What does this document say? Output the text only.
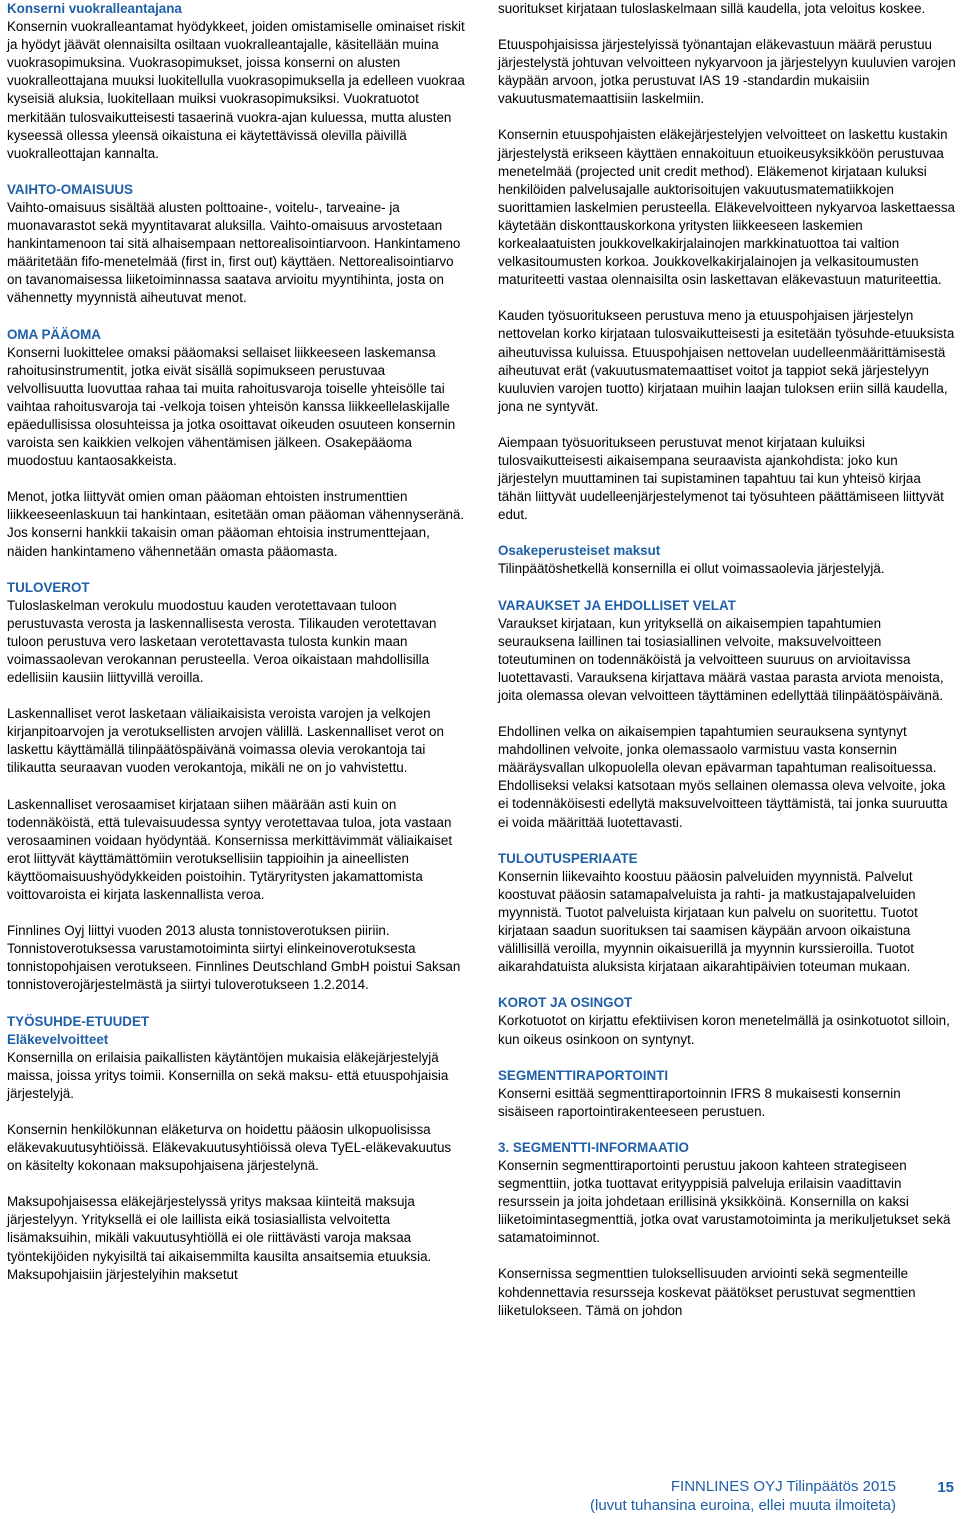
Konserni vuokralleantajana

Konsernin vuokralleantamat hyödykkeet, joiden omistamiselle ominaiset riskit ja hyödyt jäävät olennaisilta osiltaan vuokralleantajalle, käsitellään muina vuokrasopimuksina. Vuokrasopimukset, joissa konserni on alusten vuokralleottajana muuksi luokitellulla vuokrasopimuksella ja edelleen vuokraa kyseisiä aluksia, luokitellaan muiksi vuokrasopimuksiksi. Vuokratuotot merkitään tulosvaikutteisesti tasaerinä vuokra-ajan kuluessa, mutta alusten kyseessä ollessa yleensä oikaistuna ei käytettävissä olevilla päivillä vuokralleottajan kannalta.

VAIHTO-OMAISUUS

Vaihto-omaisuus sisältää alusten polttoaine-, voitelu-, tarveaine- ja muonavarastot sekä myyntitavarat aluksilla. Vaihto-omaisuus arvostetaan hankintamenoon tai sitä alhaisempaan nettorealisointiarvoon. Hankintameno määritetään fifo-menetelmää (first in, first out) käyttäen. Nettorealisointiarvo on tavanomaisessa liiketoiminnassa saatava arvioitu myyntihinta, josta on vähennetty myynnistä aiheutuvat menot.

OMA PÄÄOMA

Konserni luokittelee omaksi pääomaksi sellaiset liikkeeseen laskemansa rahoitusinstrumentit, jotka eivät sisällä sopimukseen perustuvaa velvollisuutta luovuttaa rahaa tai muita rahoitusvaroja toiselle yhteisölle tai vaihtaa rahoitusvaroja tai -velkoja toisen yhteisön kanssa liikkeellelaskijalle epäedullisissa olosuhteissa ja jotka osoittavat oikeuden osuuteen konsernin varoista sen kaikkien velkojen vähentämisen jälkeen. Osakepääoma muodostuu kantaosakkeista.

Menot, jotka liittyvät omien oman pääoman ehtoisten instrumenttien liikkeeseenlaskuun tai hankintaan, esitetään oman pääoman vähennyseränä. Jos konserni hankkii takaisin oman pääoman ehtoisia instrumenttejaan, näiden hankintameno vähennetään omasta pääomasta.

TULOVEROT

Tuloslaskelman verokulu muodostuu kauden verotettavaan tuloon perustuvasta verosta ja laskennallisesta verosta. Tilikauden verotettavan tuloon perustuva vero lasketaan verotettavasta tulosta kunkin maan voimassaolevan verokannan perusteella. Veroa oikaistaan mahdollisilla edellisiin kausiin liittyvillä veroilla.

Laskennalliset verot lasketaan väliaikaisista veroista varojen ja velkojen kirjanpitoarvojen ja verotuksellisten arvojen välillä. Laskennalliset verot on laskettu käyttämällä tilinpäätöspäivänä voimassa olevia verokantoja tai tilikautta seuraavan vuoden verokantoja, mikäli ne on jo vahvistettu.

Laskennalliset verosaamiset kirjataan siihen määrään asti kuin on todennäköistä, että tulevaisuudessa syntyy verotettavaa tuloa, jota vastaan verosaaminen voidaan hyödyntää. Konsernissa merkittävimmät väliaikaiset erot liittyvät käyttämättömiin verotuksellisiin tappioihin ja aineellisten käyttöomaisuushyödykkeiden poistoihin. Tytäryritysten jakamattomista voittovaroista ei kirjata laskennallista veroa.

Finnlines Oyj liittyi vuoden 2013 alusta tonnistoverotuksen piiriin. Tonnistoverotuksessa varustamotoiminta siirtyi elinkeinoverotuksesta tonnistopohjaisen verotukseen. Finnlines Deutschland GmbH poistui Saksan tonnistoverojärjestelmästä ja siirtyi tuloverotukseen 1.2.2014.

TYÖSUHDE-ETUUDET
Eläkevelvoitteet

Konsernilla on erilaisia paikallisten käytäntöjen mukaisia eläkejärjestelyjä maissa, joissa yritys toimii. Konsernilla on sekä maksu- että etuuspohjaisia järjestelyjä.

Konsernin henkilökunnan eläketurva on hoidettu pääosin ulkopuolisissa eläkevakuutusyhtiöissä. Eläkevakuutusyhtiöissä oleva TyEL-eläkevakuutus on käsitelty kokonaan maksupohjaisena järjestelynä.

Maksupohjaisessa eläkejärjestelyssä yritys maksaa kiinteitä maksuja järjestelyyn. Yrityksellä ei ole laillista eikä tosiasiallista velvoitetta lisämaksuihin, mikäli vakuutusyhtiöllä ei ole riittävästi varoja maksaa työntekijöiden nykyisiltä tai aikaisemmilta kausilta ansaitsemia etuuksia. Maksupohjaisiin järjestelyihin maksetut

suoritukset kirjataan tuloslaskelmaan sillä kaudella, jota veloitus koskee.

Etuuspohjaisissa järjestelyissä työnantajan eläkevastuun määrä perustuu järjestelystä johtuvan velvoitteen nykyarvoon ja järjestelyyn kuuluvien varojen käypään arvoon, jotka perustuvat IAS 19 -standardin mukaisiin vakuutusmatemaattisiin laskelmiin.

Konsernin etuuspohjaisten eläkejärjestelyjen velvoitteet on laskettu kustakin järjestelystä erikseen käyttäen ennakoituun etuoikeusyksikköön perustuvaa menetelmää (projected unit credit method). Eläkemenot kirjataan kuluksi henkilöiden palvelusajalle auktorisoitujen vakuutusmatematiikkojen suorittamien laskelmien perusteella. Eläkevelvoitteen nykyarvoa laskettaessa käytetään diskonttauskorkona yritysten liikkeeseen laskemien korkealaatuisten joukkovelkakirjalainojen markkinatuottoa tai valtion velkasitoumusten korkoa. Joukkovelkakirjalainojen ja velkasitoumusten maturiteetti vastaa olennaisilta osin laskettavan eläkevastuun maturiteettia.

Kauden työsuoritukseen perustuva meno ja etuuspohjaisen järjestelyn nettovelan korko kirjataan tulosvaikutteisesti ja esitetään työsuhde-etuuksista aiheutuvissa kuluissa. Etuuspohjaisen nettovelan uudelleenmäärittämisestä aiheutuvat erät (vakuutusmatemaattiset voitot ja tappiot sekä järjestelyyn kuuluvien varojen tuotto) kirjataan muihin laajan tuloksen eriin sillä kaudella, jona ne syntyvät.

Aiempaan työsuoritukseen perustuvat menot kirjataan kuluiksi tulosvaikutteisesti aikaisempana seuraavista ajankohdista: joko kun järjestelyn muuttaminen tai supistaminen tapahtuu tai kun yhteisö kirjaa tähän liittyvät uudelleenjärjestelymenot tai työsuhteen päättämiseen liittyvät edut.

Osakeperusteiset maksut

Tilinpäätöshetkellä konsernilla ei ollut voimassaolevia järjestelyjä.

VARAUKSET JA EHDOLLISET VELAT

Varaukset kirjataan, kun yrityksellä on aikaisempien tapahtumien seurauksena laillinen tai tosiasiallinen velvoite, maksuvelvoitteen toteutuminen on todennäköistä ja velvoitteen suuruus on arvioitavissa luotettavasti. Varauksena kirjattava määrä vastaa parasta arviota menoista, joita olemassa olevan velvoitteen täyttäminen edellyttää tilinpäätöspäivänä.

Ehdollinen velka on aikaisempien tapahtumien seurauksena syntynyt mahdollinen velvoite, jonka olemassaolo varmistuu vasta konsernin määräysvallan ulkopuolella olevan epävarman tapahtuman realisoituessa. Ehdolliseksi velaksi katsotaan myös sellainen olemassa oleva velvoite, joka ei todennäköisesti edellytä maksuvelvoitteen täyttämistä, tai jonka suuruutta ei voida määrittää luotettavasti.

TULOUTUSPERIAATE

Konsernin liikevaihto koostuu pääosin palveluiden myynnistä. Palvelut koostuvat pääosin satamapalveluista ja rahti- ja matkustajapalveluiden myynnistä. Tuotot palveluista kirjataan kun palvelu on suoritettu. Tuotot kirjataan saadun suorituksen tai saamisen käypään arvoon oikaistuna välillisillä veroilla, myynnin oikaisuerillä ja myynnin kurssieroilla. Tuotot aikarahdatuista aluksista kirjataan aikarahtipäivien toteuman mukaan.

KOROT JA OSINGOT

Korkotuotot on kirjattu efektiivisen koron menetelmällä ja osinkotuotot silloin, kun oikeus osinkoon on syntynyt.

SEGMENTTIRAPORTOINTI

Konserni esittää segmenttiraportoinnin IFRS 8 mukaisesti konsernin sisäiseen raportointirakenteeseen perustuen.

3. SEGMENTTI-INFORMAATIO

Konsernin segmenttiraportointi perustuu jakoon kahteen strategiseen segmenttiin, jotka tuottavat erityyppisiä palveluja erilaisin vaadittavin resurssein ja joita johdetaan erillisinä yksikköinä. Konsernilla on kaksi liiketoimintasegmenttiä, jotka ovat varustamotoiminta ja merikuljetukset sekä satamatoiminnot.

Konsernissa segmenttien tuloksellisuuden arviointi sekä segmenteille kohdennettavia resursseja koskevat päätökset perustuvat segmenttien liiketulokseen. Tämä on johdon

FINNLINES OYJ Tilinpäätös 2015
(luvut tuhansina euroina, ellei muuta ilmoiteta)
15
